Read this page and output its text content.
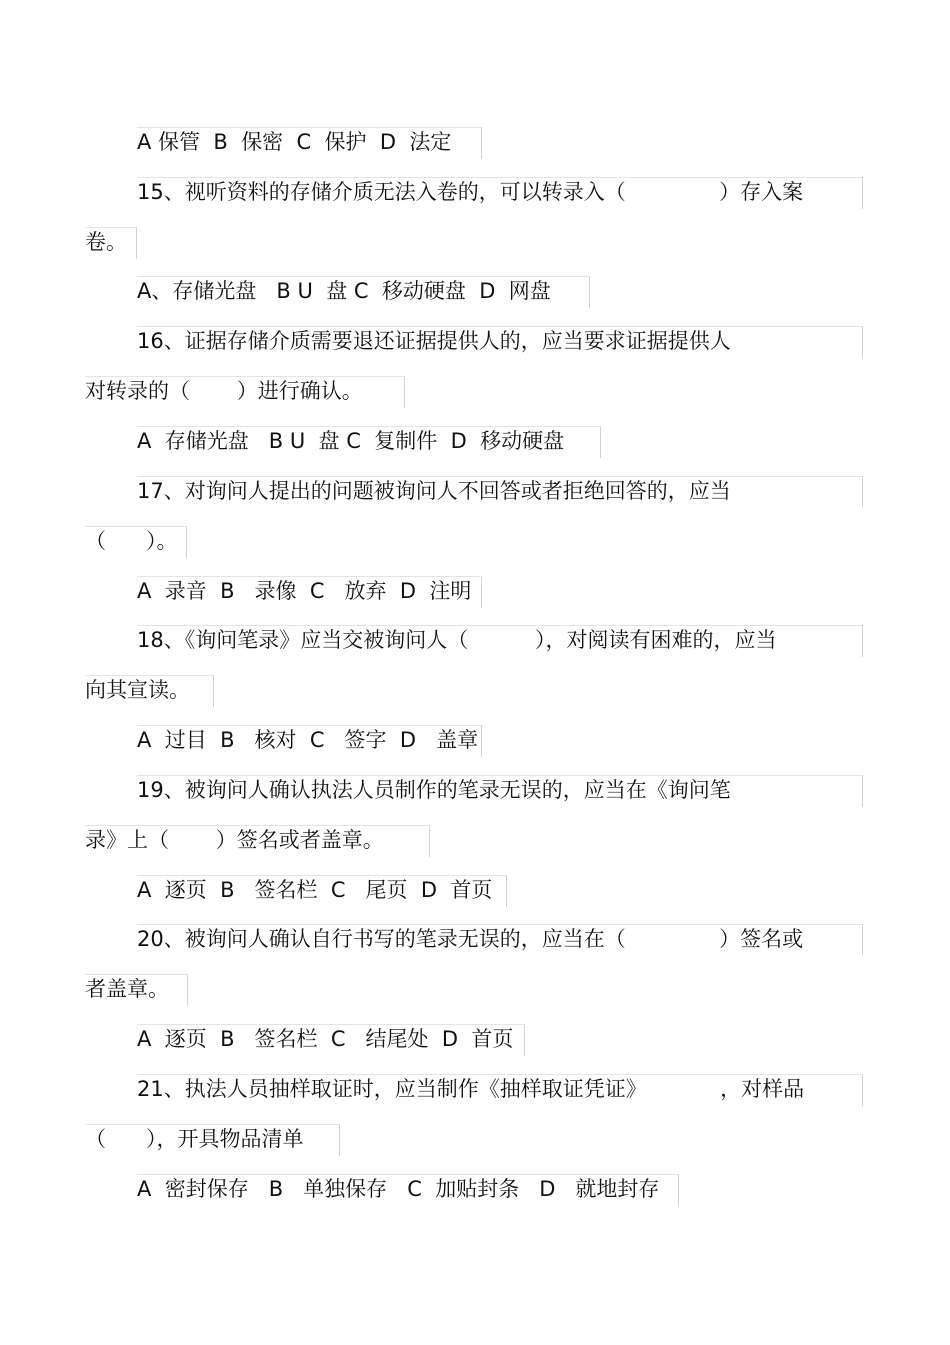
A 保管  B  保密  C  保护  D  法定
15、视听资料的存储介质无法入卷的，可以转录入（              ）存入案
卷。
A、存储光盘   B U  盘 C  移动硬盘  D  网盘
16、证据存储介质需要退还证据提供人的，应当要求证据提供人
对转录的（       ）进行确认。
A  存储光盘   B U  盘 C  复制件  D  移动硬盘
17、对询问人提出的问题被询问人不回答或者拒绝回答的，应当
（      ）。
A  录音  B   录像  C   放弃  D  注明
18、《询问笔录》应当交被询问人（          ），对阅读有困难的，应当
向其宣读。
A  过目  B   核对  C   签字  D   盖章
19、被询问人确认执法人员制作的笔录无误的，应当在《询问笔
录》上（       ）签名或者盖章。
A  逐页  B   签名栏  C   尾页  D  首页
20、被询问人确认自行书写的笔录无误的，应当在（              ）签名或
者盖章。
A  逐页  B   签名栏  C   结尾处  D  首页
21、执法人员抽样取证时，应当制作《抽样取证凭证》           ，对样品
（      ），开具物品清单
A  密封保存   B   单独保存   C  加贴封条   D   就地封存
